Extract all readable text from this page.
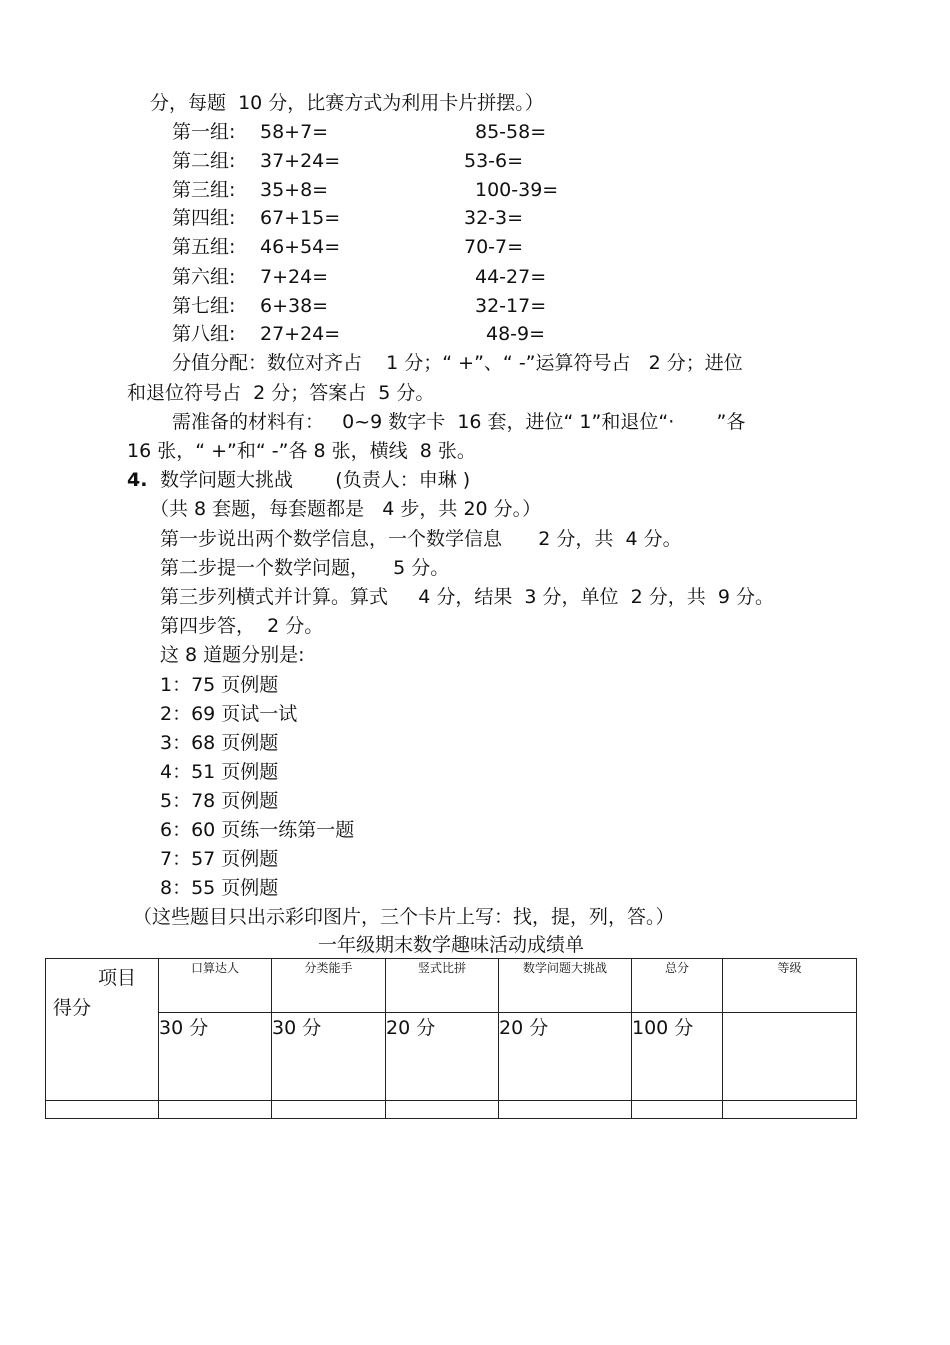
分，每题  10 分，比赛方式为利用卡片拼摆。）
第一组: 58+7=	85-58=
第二组: 37+24=	53-6=
第三组: 35+8=	100-39=
第四组: 67+15=	32-3=
第五组: 46+54=	70-7=
第六组: 7+24=	44-27=
第七组: 6+38=	32-17=
第八组: 27+24=	48-9=
分值分配：数位对齐占    1 分；“ +”、“ -”运算符号占   2 分；进位
和退位符号占  2 分；答案占  5 分。
需准备的材料有：   0~9 数字卡  16 套，进位“ 1”和退位“·       ”各
16 张，“ +”和“ -”各 8 张，横线  8 张。
4. 数学问题大挑战       (负责人：申琳 )
（共 8 套题，每套题都是   4 步，共 20 分。）
第一步说出两个数学信息，一个数学信息      2 分，共  4 分。
第二步提一个数学问题，    5 分。
第三步列横式并计算。算式     4 分，结果  3 分，单位  2 分，共  9 分。
第四步答，  2 分。
这 8 道题分别是:
1：75 页例题
2：69 页试一试
3：68 页例题
4：51 页例题
5：78 页例题
6：60 页练一练第一题
7：57 页例题
8：55 页例题
（这些题目只出示彩印图片，三个卡片上写：找，提，列，答。）
一年级期末数学趣味活动成绩单
项目
得分	口算达人	分类能手	竖式比拼	数学问题大挑战	总分	等级
	30 分	30 分	20 分	20 分	100 分	
